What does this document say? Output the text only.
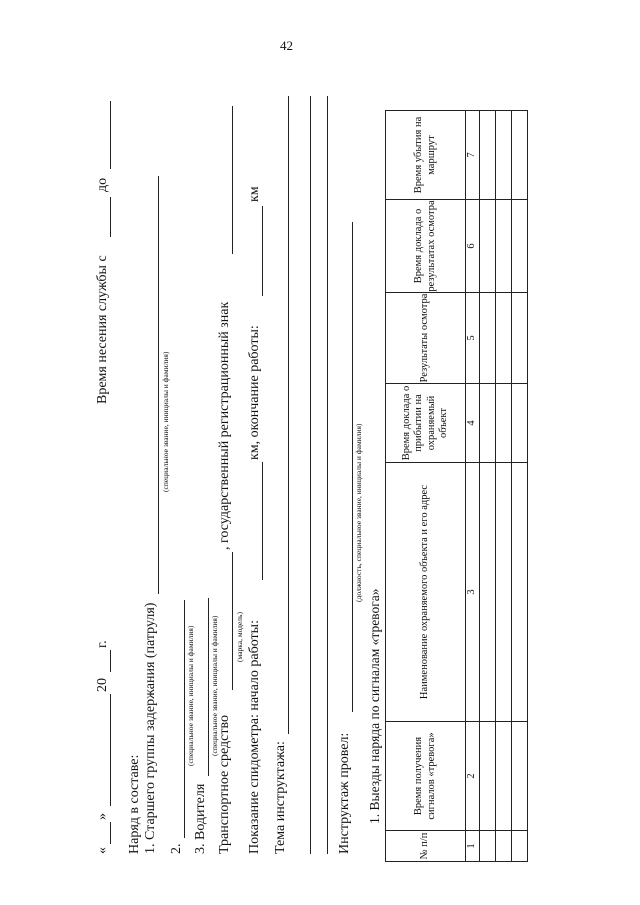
42
«
»
20
г.
Время несения службы с
до
Наряд в составе: 1. Старшего группы задержания (патруля)
(специальное звание, инициалы и фамилия)
2.
(специальное звание, инициалы и фамилия)
3. Водителя
(специальное звание, инициалы и фамилия)
Транспортное средство
(марка, модель)
, государственный регистрационный знак
Показание спидометра: начало работы:
км, окончание работы:
км
Тема инструктажа:	Инструктаж провел:
(должность, специальное звание, инициалы и фамилия)
1. Выезды наряда по сигналам «тревога»
№ п/п	Время получения сигналов «тревога»	Наименование охраняемого объекта и его адрес	Время доклада о прибытии на охраняемый объект	Результаты осмотра	Время доклада о результатах осмотра	Время убытия на маршрут
1	2	3	4	5	6	7
